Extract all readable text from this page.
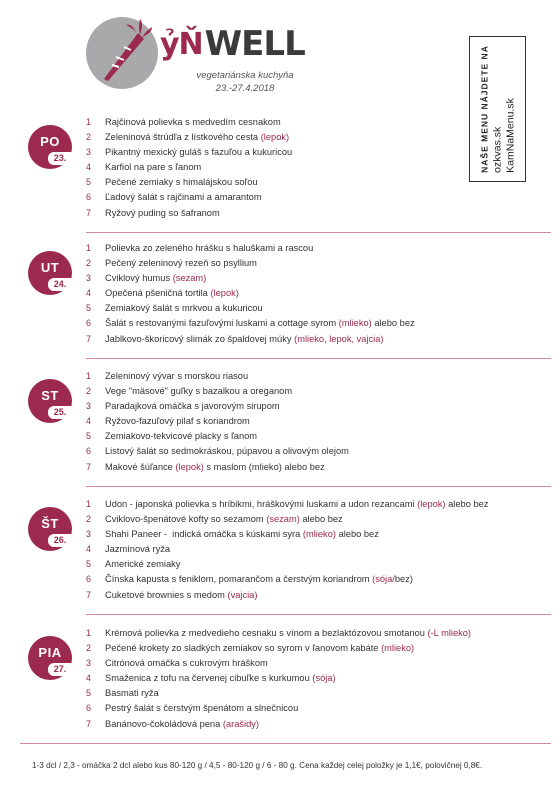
ỷŇ WELL
vegetariánska kuchyňa
23.-27.4.2018	NAŠE MENU NÁJDETE NA ozkvas.sk KamNaMenu.sk
PO
23.
1 Rajčinová polievka s medvedím cesnakom
2 Zeleninová štrúdľa z lístkového cesta (lepok)
3 Pikantný mexický guláš s fazuľou a kukuricou
4 Karfiol na pare s ľanom
5 Pečené zemiaky s himalájskou soľou
6 Ľadový šalát s rajčinami a amarantom
7 Ryžový puding so šafranom
UT
24.
1 Polievka zo zeleného hrášku s haluškami a rascou
2 Pečený zeleninový rezeň so psyllium
3 Cviklový humus (sezam)
4 Opečená pšeničná tortila (lepok)
5 Zemiakový šalát s mrkvou a kukuricou
6 Šalát s restovanými fazuľovými luskami a cottage syrom (mlieko) alebo bez
7 Jablkovo-škoricový slimák zo špaldovej múky (mlieko, lepok, vajcia)
ST
25.
1 Zeleninový vývar s morskou riasou
2 Vege "mäsové" guľky s bazalkou a oreganom
3 Paradajková omáčka s javorovým sirupom
4 Ryžovo-fazuľový pilaf s koriandrom
5 Zemiakovo-tekvicové placky s ľanom
6 Listový šalát so sedmokráskou, púpavou a olivovým olejom
7 Makové šúľance (lepok) s maslom (mlieko) alebo bez
ŠT
26.
1 Udon - japonská polievka s hríbikmi, hráškovými luskami a udon rezancami (lepok) alebo bez
2 Cviklovo-špenátové kofty so sezamom (sezam) alebo bez
3 Shahi Paneer -  indická omáčka s kúskami syra (mlieko) alebo bez
4 Jazmínová ryža
5 Americké zemiaky
6 Čínska kapusta s feniklom, pomarančom a čerstvým koriandrom (sója/bez)
7 Cuketové brownies s medom (vajcia)
PIA
27.
1 Krémová polievka z medvedieho cesnaku s vínom a bezlaktózovou smotanou (-L mlieko)
2 Pečené krokety zo sladkých zemiakov so syrom v ľanovom kabáte (mlieko)
3 Citrónová omáčka s cukrovým hráškom
4 Smaženica z tofu na červenej cibuľke s kurkumou (sója)
5 Basmati ryža
6 Pestrý šalát s čerstvým špenátom a slnečnicou
7 Banánovo-čokoládová pena (arašidy)
1-3 dcl / 2,3 - omáčka 2 dcl alebo kus 80-120 g / 4,5 - 80-120 g / 6 - 80 g. Cena každej celej položky je 1,1€, polovičnej 0,8€.
